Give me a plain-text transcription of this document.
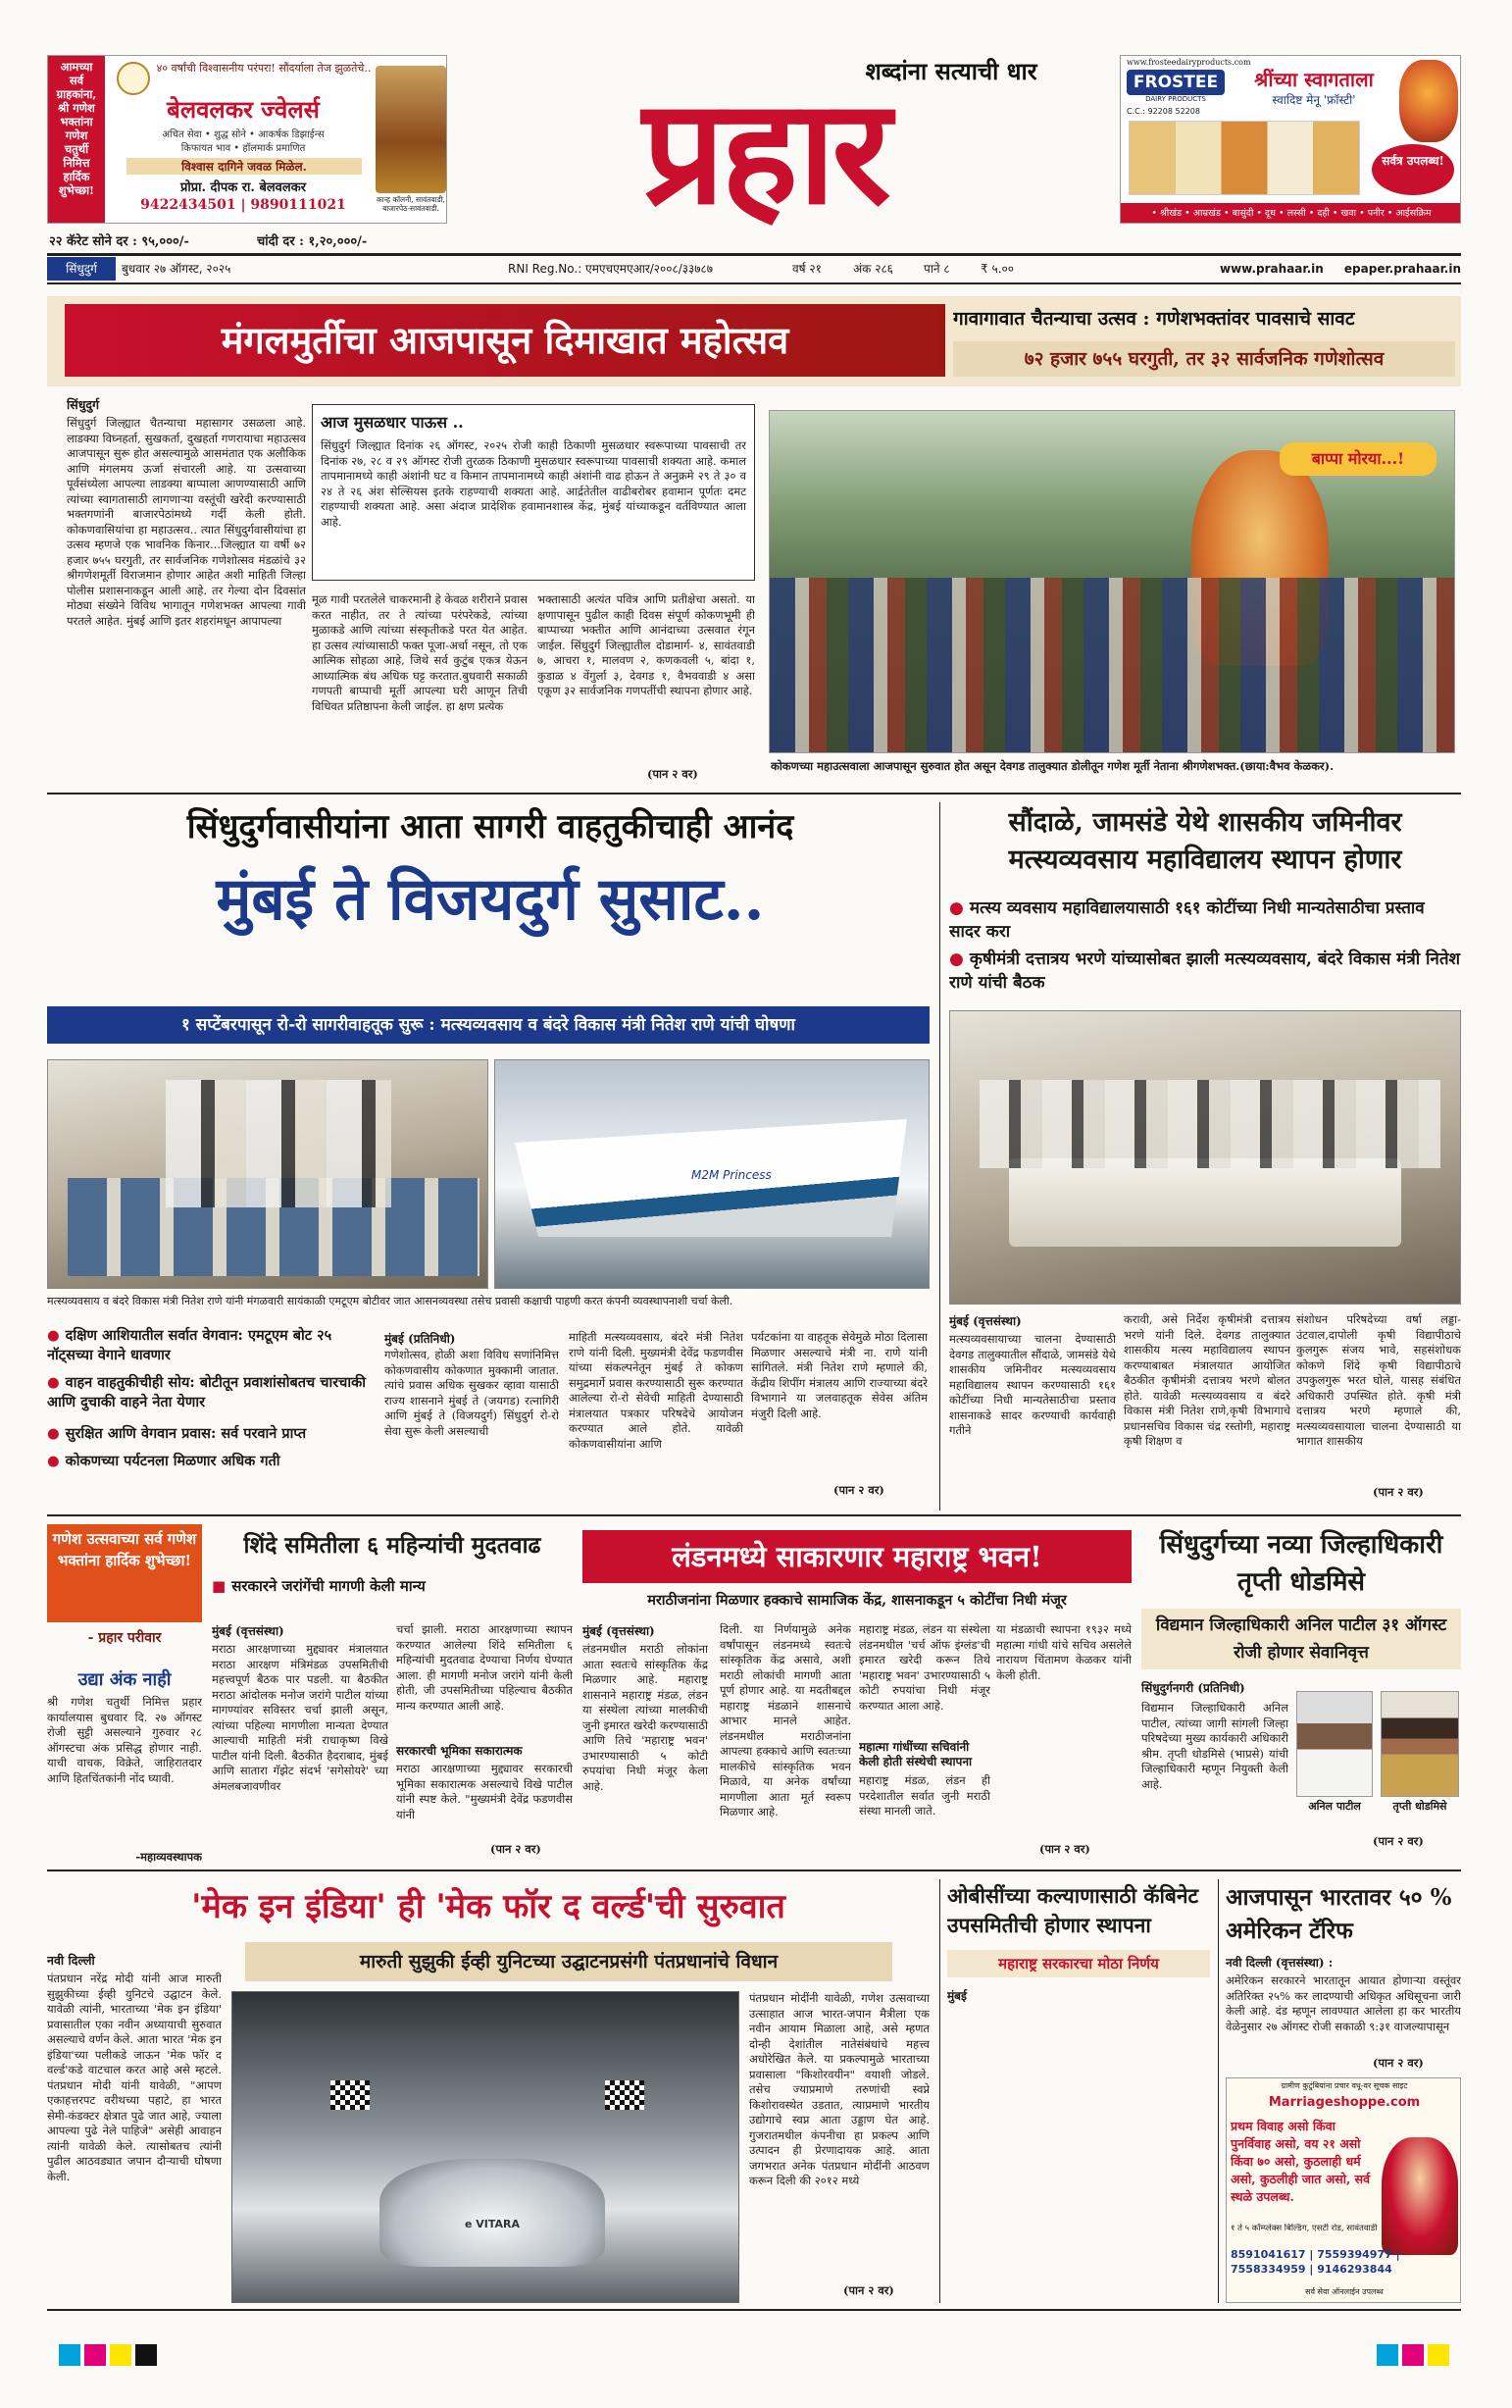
आमच्या सर्व ग्राहकांना, श्री गणेश भक्तांना गणेश चतुर्थी निमित्त हार्दिक शुभेच्छा!
४० वर्षांची विश्वासनीय परंपरा! सौंदर्याला तेज झुळतेचे..
बेलवलकर ज्वेलर्स
अचित सेवा • शुद्ध सोने • आकर्षक डिझाईन्स
किफायत भाव • हॉलमार्क प्रमाणित
विश्वास दागिने जवळ मिळेल.
प्रोप्रा. दीपक रा. बेलवलकर
9422434501 | 9890111021	कान्ह कॉलनी, सावंतवाडी, बाजारपेठ-सावंतवाडी.
शब्दांना सत्याची धार
प्रहार
www.frosteedairyproducts.com
FROSTEE
DAIRY PRODUCTS
श्रींच्या स्वागताला
स्वादिष्ट मेनू 'फ्रॉस्टी'
C.C.: 92208 52208
सर्वत्र उपलब्ध!
• श्रीखंड • आम्रखंड • बासुंदी • दूध • लस्सी • दही • खवा • पनीर • आईसक्रिम
२२ कॅरेट सोने दर : ९५,०००/-	चांदी दर : १,२०,०००/-
सिंधुदुर्ग	बुधवार २७ ऑगस्ट, २०२५	RNI Reg.No.: एमएचएमएआर/२००८/३३७८७	वर्ष २१	अंक २८६	पाने ८	₹ ५.००	www.prahaar.in	epaper.prahaar.in
मंगलमुर्तीचा आजपासून दिमाखात महोत्सव	गावागावात चैतन्याचा उत्सव : गणेशभक्तांवर पावसाचे सावट
७२ हजार ७५५ घरगुती, तर ३२ सार्वजनिक गणेशोत्सव
सिंधुदुर्ग
सिंधुदुर्ग जिल्ह्यात चैतन्याचा महासागर उसळला आहे. लाडक्या विघ्नहर्ता, सुखकर्ता, दुखहर्ता गणरायाचा महाउत्सव आजपासून सुरू होत असल्यामुळे आसमंतात एक अलौकिक आणि मंगलमय ऊर्जा संचारली आहे. या उत्सवाच्या पूर्वसंध्येला आपल्या लाडक्या बाप्पाला आणण्यासाठी आणि त्यांच्या स्वागतासाठी लागणाऱ्या वस्तूंची खरेदी करण्यासाठी भक्तगणांनी बाजारपेठांमध्ये गर्दी केली होती. कोकणवासियांचा हा महाउत्सव.. त्यात सिंधुदुर्गवासीयांचा हा उत्सव म्हणजे एक भावनिक किनार...जिल्ह्यात या वर्षी ७२ हजार ७५५ घरगुती, तर सार्वजनिक गणेशोत्सव मंडळांचे ३२ श्रीगणेशमूर्ती विराजमान होणार आहेत अशी माहिती जिल्हा पोलीस प्रशासनाकडून आली आहे. तर गेल्या दोन दिवसांत मोठ्या संख्येने विविध भागातून गणेशभक्त आपल्या गावी परतले आहेत. मुंबई आणि इतर शहरांमधून आपापल्या
आज मुसळधार पाऊस ..
सिंधुदुर्ग जिल्ह्यात दिनांक २६ ऑगस्ट, २०२५ रोजी काही ठिकाणी मुसळधार स्वरूपाच्या पावसाची तर दिनांक २७, २८ व २९ ऑगस्ट रोजी तुरळक ठिकाणी मुसळधार स्वरूपाच्या पावसाची शक्यता आहे. कमाल तापमानामध्ये काही अंशांनी घट व किमान तापमानामध्ये काही अंशांनी वाढ होऊन ते अनुक्रमे २९ ते ३० व २४ ते २६ अंश सेल्सियस इतके राहण्याची शक्यता आहे. आर्द्रतेतील वाढीबरोबर हवामान पूर्णतः दमट राहण्याची शक्यता आहे. असा अंदाज प्रादेशिक हवामानशास्त्र केंद्र, मुंबई यांच्याकडून वर्तविण्यात आला आहे.
मूळ गावी परतलेले चाकरमानी हे केवळ शरीराने प्रवास करत नाहीत, तर ते त्यांच्या परंपरेकडे, त्यांच्या मुळाकडे आणि त्यांच्या संस्कृतीकडे परत येत आहेत. हा उत्सव त्यांच्यासाठी फक्त पूजा-अर्चा नसून, तो एक आत्मिक सोहळा आहे, जिथे सर्व कुटुंब एकत्र येऊन आध्यात्मिक बंध अधिक घट्ट करतात.बुधवारी सकाळी गणपती बाप्पाची मूर्ती आपल्या घरी आणून तिची विधिवत प्रतिष्ठापना केली जाईल. हा क्षण प्रत्येक
भक्तासाठी अत्यंत पवित्र आणि प्रतीक्षेचा असतो. या क्षणापासून पुढील काही दिवस संपूर्ण कोकणभूमी ही बाप्पाच्या भक्तीत आणि आनंदाच्या उत्सवात रंगून जाईल. सिंधुदुर्ग जिल्ह्यातील दोडामार्ग- ४, सावंतवाडी ७, आचरा १, मालवण २, कणकवली ५, बांदा १, कुडाळ ४ वेंगुर्ला ३, देवगड १, वैभववाडी ४ असा एकूण ३२ सार्वजनिक गणपतींची स्थापना होणार आहे.
(पान २ वर)
बाप्पा मोरया...!
कोकणच्या महाउत्सवाला आजपासून सुरुवात होत असून देवगड तालुक्यात डोलीतून गणेश मूर्ती नेताना श्रीगणेशभक्त.(छाया:वैभव केळकर).
सिंधुदुर्गवासीयांना आता सागरी वाहतुकीचाही आनंद
मुंबई ते विजयदुर्ग सुसाट..
१ सप्टेंबरपासून रो-रो सागरीवाहतूक सुरू : मत्स्यव्यवसाय व बंदरे विकास मंत्री नितेश राणे यांची घोषणा
M2M Princess
मत्स्यव्यवसाय व बंदरे विकास मंत्री नितेश राणे यांनी मंगळवारी सायंकाळी एमटूएम बोटीवर जात आसनव्यवस्था तसेच प्रवासी कक्षाची पाहणी करत कंपनी व्यवस्थापनाशी चर्चा केली.
● दक्षिण आशियातील सर्वात वेगवान: एमटूएम बोट २५ नॉट्सच्या वेगाने धावणार
● वाहन वाहतुकीचीही सोय: बोटीतून प्रवाशांसोबतच चारचाकी आणि दुचाकी वाहने नेता येणार
● सुरक्षित आणि वेगवान प्रवास: सर्व परवाने प्राप्त
● कोकणच्या पर्यटनला मिळणार अधिक गती
मुंबई (प्रतिनिधी)
गणेशोत्सव, होळी अशा विविध सणांनिमित्त कोकणवासीय कोकणात मुक्कामी जातात. त्यांचे प्रवास अधिक सुखकर व्हावा यासाठी राज्य शासनाने मुंबई ते (जयगड) रत्नागिरी आणि मुंबई ते (विजयदुर्ग) सिंधुदुर्ग रो-रो सेवा सुरू केली असल्याची
माहिती मत्स्यव्यवसाय, बंदरे मंत्री नितेश राणे यांनी दिली. मुख्यमंत्री देवेंद्र फडणवीस यांच्या संकल्पनेतून मुंबई ते कोकण समुद्रमार्गे प्रवास करण्यासाठी सुरू करण्यात आलेल्या रो-रो सेवेची माहिती देण्यासाठी मंत्रालयात पत्रकार परिषदेचे आयोजन करण्यात आले होते. यावेळी कोकणवासीयांना आणि
पर्यटकांना या वाहतूक सेवेमुळे मोठा दिलासा मिळणार असल्याचे मंत्री ना. राणे यांनी सांगितले. मंत्री नितेश राणे म्हणाले की, केंद्रीय शिपींग मंत्रालय आणि राज्याच्या बंदरे विभागाने या जलवाहतूक सेवेस अंतिम मंजुरी दिली आहे.
(पान २ वर)
सौंदाळे, जामसंडे येथे शासकीय जमिनीवर मत्स्यव्यवसाय महाविद्यालय स्थापन होणार
● मत्स्य व्यवसाय महाविद्यालयासाठी १६१ कोटींच्या निधी मान्यतेसाठीचा प्रस्ताव सादर करा
● कृषीमंत्री दत्तात्रय भरणे यांच्यासोबत झाली मत्स्यव्यवसाय, बंदरे विकास मंत्री नितेश राणे यांची बैठक
मुंबई (वृत्तसंस्था)
मत्स्यव्यवसायाच्या चालना देण्यासाठी देवगड तालुक्यातील सौंदाळे, जामसंडे येथे शासकीय जमिनीवर मत्स्यव्यवसाय महाविद्यालय स्थापन करण्यासाठी १६१ कोटींच्या निधी मान्यतेसाठीचा प्रस्ताव शासनाकडे सादर करण्याची कार्यवाही गतीने
करावी, असे निर्देश कृषीमंत्री दत्तात्रय भरणे यांनी दिले. देवगड तालुक्यात शासकीय मत्स्य महाविद्यालय स्थापन करण्याबाबत मंत्रालयात आयोजित बैठकीत कृषीमंत्री दत्तात्रय भरणे बोलत होते. यावेळी मत्स्यव्यवसाय व बंदरे विकास मंत्री नितेश राणे,कृषी विभागाचे प्रधानसचिव विकास चंद्र रस्तोगी, महाराष्ट्र कृषी शिक्षण व
संशोधन परिषदेच्या वर्षा लड्डा-उंटवाल,दापोली कृषी विद्यापीठाचे कुलगुरू संजय भावे, सहसंशोधक कोकणे शिंदे कृषी विद्यापीठाचे उपकुलगुरू भरत घोले, यासह संबंधित अधिकारी उपस्थित होते. कृषी मंत्री दत्तात्रय भरणे म्हणाले की, मत्स्यव्यवसायाला चालना देण्यासाठी या भागात शासकीय
(पान २ वर)
गणेश उत्सवाच्या सर्व गणेश भक्तांना हार्दिक शुभेच्छा!
- प्रहार परीवार
उद्या अंक नाही
श्री गणेश चतुर्थी निमित्त प्रहार कार्यालयास बुधवार दि. २७ ऑगस्ट रोजी सुट्टी असल्याने गुरुवार २८ ऑगस्टचा अंक प्रसिद्ध होणार नाही. याची वाचक, विक्रेते, जाहिरातदार आणि हितचिंतकांनी नोंद घ्यावी.
-महाव्यवस्थापक
शिंदे समितीला ६ महिन्यांची मुदतवाढ
■ सरकारने जरांगेंची मागणी केली मान्य
मुंबई (वृत्तसंस्था)
मराठा आरक्षणाच्या मुद्द्यावर मंत्रालयात मराठा आरक्षण मंत्रिमंडळ उपसमितीची महत्त्वपूर्ण बैठक पार पडली. या बैठकीत मराठा आंदोलक मनोज जरांगे पाटील यांच्या मागण्यांवर सविस्तर चर्चा झाली असून, त्यांच्या पहिल्या मागणीला मान्यता देण्यात आल्याची माहिती मंत्री राधाकृष्ण विखे पाटील यांनी दिली. बैठकीत हैदराबाद, मुंबई आणि सातारा गॅझेट संदर्भ 'सगेसोयरे' च्या अंमलबजावणीवर
चर्चा झाली. मराठा आरक्षणाच्या स्थापन करण्यात आलेल्या शिंदे समितीला ६ महिन्यांची मुदतवाढ देण्याचा निर्णय घेण्यात आला. ही मागणी मनोज जरांगे यांनी केली होती, जी उपसमितीच्या पहिल्याच बैठकीत मान्य करण्यात आली आहे.
सरकारची भूमिका सकारात्मक
मराठा आरक्षणाच्या मुद्द्यावर सरकारची भूमिका सकारात्मक असल्याचे विखे पाटील यांनी स्पष्ट केले. "मुख्यमंत्री देवेंद्र फडणवीस यांनी
(पान २ वर)
लंडनमध्ये साकारणार महाराष्ट्र भवन!
मराठीजनांना मिळणार हक्काचे सामाजिक केंद्र, शासनाकडून ५ कोटींचा निधी मंजूर
मुंबई (वृत्तसंस्था)
लंडनमधील मराठी लोकांना आता स्वतःचे सांस्कृतिक केंद्र मिळणार आहे. महाराष्ट्र शासनाने महाराष्ट्र मंडळ, लंडन या संस्थेला त्यांच्या मालकीची जुनी इमारत खरेदी करण्यासाठी आणि तिचे 'महाराष्ट्र भवन' उभारण्यासाठी ५ कोटी रुपयांचा निधी मंजूर केला आहे.
दिली. या निर्णयामुळे अनेक वर्षांपासून लंडनमध्ये स्वतःचे सांस्कृतिक केंद्र असावे, अशी मराठी लोकांची मागणी आता पूर्ण होणार आहे. या मदतीबद्दल महाराष्ट्र मंडळाने शासनाचे आभार मानले आहेत. लंडनमधील मराठीजनांना आपल्या हक्काचे आणि स्वतःच्या मालकीचे सांस्कृतिक भवन मिळावे, या अनेक वर्षांच्या मागणीला आता मूर्त स्वरूप मिळणार आहे.
महाराष्ट्र मंडळ, लंडन या संस्थेला लंडनमधील 'चर्च ऑफ इंग्लंड'ची इमारत खरेदी करून तिथे 'महाराष्ट्र भवन' उभारण्यासाठी ५ कोटी रुपयांचा निधी मंजूर करण्यात आला आहे.
महात्मा गांधींच्या सचिवांनी केली होती संस्थेची स्थापना
महाराष्ट्र मंडळ, लंडन ही परदेशातील सर्वात जुनी मराठी संस्था मानली जाते.
या मंडळाची स्थापना १९३२ मध्ये महात्मा गांधी यांचे सचिव असलेले नारायण चिंतामण केळकर यांनी केली होती.
(पान २ वर)
सिंधुदुर्गच्या नव्या जिल्हाधिकारी तृप्ती धोडमिसे
विद्यमान जिल्हाधिकारी अनिल पाटील ३१ ऑगस्ट रोजी होणार सेवानिवृत्त
सिंधुदुर्गनगरी (प्रतिनिधी)
विद्यमान जिल्हाधिकारी अनिल पाटील, त्यांच्या जागी सांगली जिल्हा परिषदेच्या मुख्य कार्यकारी अधिकारी श्रीम. तृप्ती धोडमिसे (भाप्रसे) यांची जिल्हाधिकारी म्हणून नियुक्ती केली आहे.
अनिल पाटील	तृप्ती धोडमिसे
(पान २ वर)
'मेक इन इंडिया' ही 'मेक फॉर द वर्ल्ड'ची सुरुवात
मारुती सुझुकी ईव्ही युनिटच्या उद्घाटनप्रसंगी पंतप्रधानांचे विधान
नवी दिल्ली
पंतप्रधान नरेंद्र मोदी यांनी आज मारुती सुझुकीच्या ईव्ही युनिटचे उद्घाटन केले. यावेळी त्यांनी, भारताच्या 'मेक इन इंडिया' प्रवासातील एका नवीन अध्यायाची सुरुवात असल्याचे वर्णन केले. आता भारत 'मेक इन इंडिया'च्या पलीकडे जाऊन 'मेक फॉर द वर्ल्ड'कडे वाटचाल करत आहे असे म्हटले. पंतप्रधान मोदी यांनी यावेळी, "आपण एकाहत्तरपट वरीथच्या पहाटे, हा भारत सेमी-कंडक्टर क्षेत्रात पुढे जात आहे, ज्याला आपल्या पुढे नेले पाहिजे" असेही आवाहन त्यांनी यावेळी केले. त्यासोबतच त्यांनी पुढील आठवड्यात जपान दौऱ्याची घोषणा केली.
e VITARA
पंतप्रधान मोदींनी यावेळी, गणेश उत्सवाच्या उत्साहात आज भारत-जपान मैत्रीला एक नवीन आयाम मिळाला आहे, असे म्हणत दोन्ही देशांतील नातेसंबंधांचे महत्त्व अधोरेखित केले. या प्रकल्पामुळे भारताच्या प्रवासाला "किशोरवयीन" वयाशी जोडले. तसेच ज्याप्रमाणे तरुणांची स्वप्ने किशोरावस्थेत उडतात, त्याप्रमाणे भारतीय उद्योगाचे स्वप्न आता उड्डाण घेत आहे. गुजरातमधील कंपनीचा हा प्रकल्प आणि उत्पादन ही प्रेरणादायक आहे. आता जगभरात अनेक पंतप्रधान मोदींनी आठवण करून दिली की २०१२ मध्ये
(पान २ वर)
ओबीसींच्या कल्याणासाठी कॅबिनेट उपसमितीची होणार स्थापना
महाराष्ट्र सरकारचा मोठा निर्णय
मुंबई
आजपासून भारतावर ५० % अमेरिकन टॅरिफ
नवी दिल्ली (वृत्तसंस्था) :
अमेरिकन सरकारने भारतातून आयात होणाऱ्या वस्तूंवर अतिरिक्त २५% कर लादण्याची अधिकृत अधिसूचना जारी केली आहे. दंड म्हणून लावण्यात आलेला हा कर भारतीय वेळेनुसार २७ ऑगस्ट रोजी सकाळी ९:३१ वाजल्यापासून
(पान २ वर)
ग्रामीण कुटुंबियांना प्रचार वधू-वर सूचक साइट
Marriageshoppe.com
प्रथम विवाह असो किंवा पुनर्विवाह असो, वय २१ असो किंवा ७० असो, कुठलाही धर्म असो, कुठलीही जात असो, सर्व स्थळे उपलब्ध.
१ ते ५ कॉम्प्लेक्स बिल्डिंग, एसटी रोड, सावंतवाडी
8591041617 | 7559394977 | 7558334959 | 9146293844
सर्व सेवा ऑनलाईन उपलब्ध
